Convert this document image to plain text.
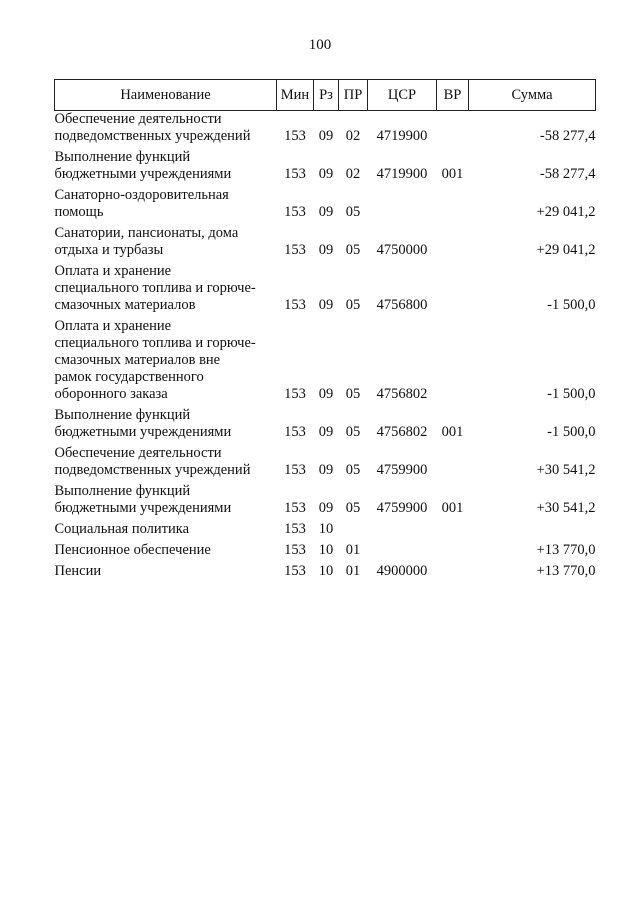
100
Наименование	Мин	Рз	ПР	ЦСР	ВР	Сумма

Обеспечение деятельности
подведомственных учреждений	153	09	02	4719900		-58 277,4

Выполнение функций
бюджетными учреждениями	153	09	02	4719900	001	-58 277,4

Санаторно-оздоровительная
помощь	153	09	05			+29 041,2

Санатории, пансионаты, дома
отдыха и турбазы	153	09	05	4750000		+29 041,2

Оплата и хранение
специального топлива и горюче-
смазочных материалов	153	09	05	4756800		-1 500,0

Оплата и хранение
специального топлива и горюче-
смазочных материалов вне
рамок государственного
оборонного заказа	153	09	05	4756802		-1 500,0

Выполнение функций
бюджетными учреждениями	153	09	05	4756802	001	-1 500,0

Обеспечение деятельности
подведомственных учреждений	153	09	05	4759900		+30 541,2

Выполнение функций
бюджетными учреждениями	153	09	05	4759900	001	+30 541,2

Социальная политика	153	10				

Пенсионное обеспечение	153	10	01			+13 770,0

Пенсии	153	10	01	4900000		+13 770,0
